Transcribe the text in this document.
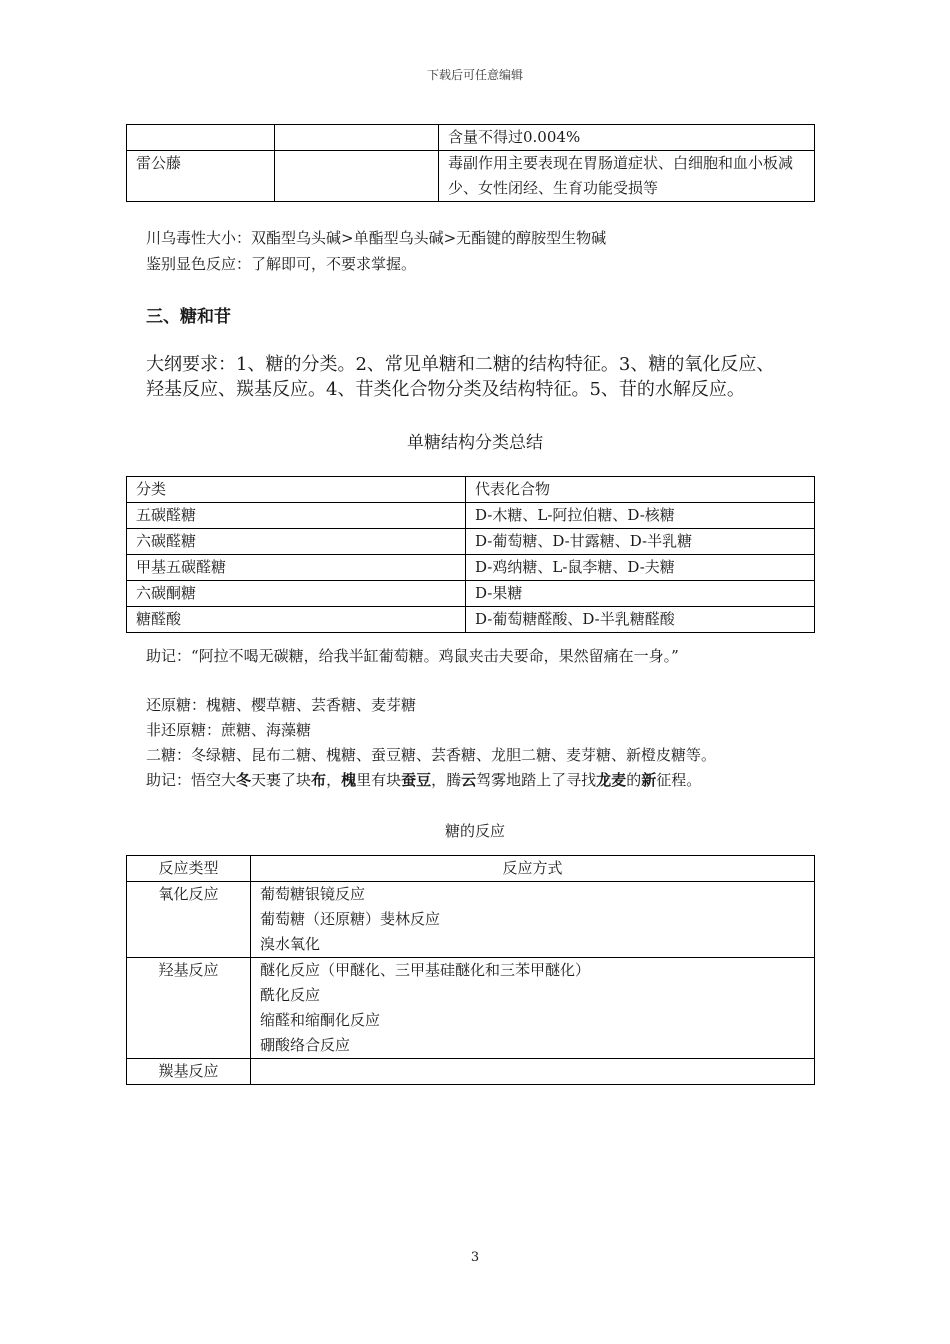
下载后可任意编辑
		含量不得过0.004%
雷公藤		毒副作用主要表现在胃肠道症状、白细胞和血小板减少、女性闭经、生育功能受损等
川乌毒性大小：双酯型乌头碱>单酯型乌头碱>无酯键的醇胺型生物碱
鉴别显色反应：了解即可，不要求掌握。
三、糖和苷
大纲要求：1、糖的分类。2、常见单糖和二糖的结构特征。3、糖的氧化反应、
羟基反应、羰基反应。4、苷类化合物分类及结构特征。5、苷的水解反应。
单糖结构分类总结
分类	代表化合物
五碳醛糖	D-木糖、L-阿拉伯糖、D-核糖
六碳醛糖	D-葡萄糖、D-甘露糖、D-半乳糖
甲基五碳醛糖	D-鸡纳糖、L-鼠李糖、D-夫糖
六碳酮糖	D-果糖
糖醛酸	D-葡萄糖醛酸、D-半乳糖醛酸
助记：“阿拉不喝无碳糖，给我半缸葡萄糖。鸡鼠夹击夫要命，果然留痛在一身。”
还原糖：槐糖、樱草糖、芸香糖、麦芽糖
非还原糖：蔗糖、海藻糖
二糖：冬绿糖、昆布二糖、槐糖、蚕豆糖、芸香糖、龙胆二糖、麦芽糖、新橙皮糖等。
助记：悟空大冬天裹了块布，槐里有块蚕豆，腾云驾雾地踏上了寻找龙麦的新征程。
糖的反应
反应类型	反应方式
氧化反应	葡萄糖银镜反应
葡萄糖（还原糖）斐林反应
溴水氧化

羟基反应	醚化反应（甲醚化、三甲基硅醚化和三苯甲醚化）
酰化反应
缩醛和缩酮化反应
硼酸络合反应

羰基反应	
3
